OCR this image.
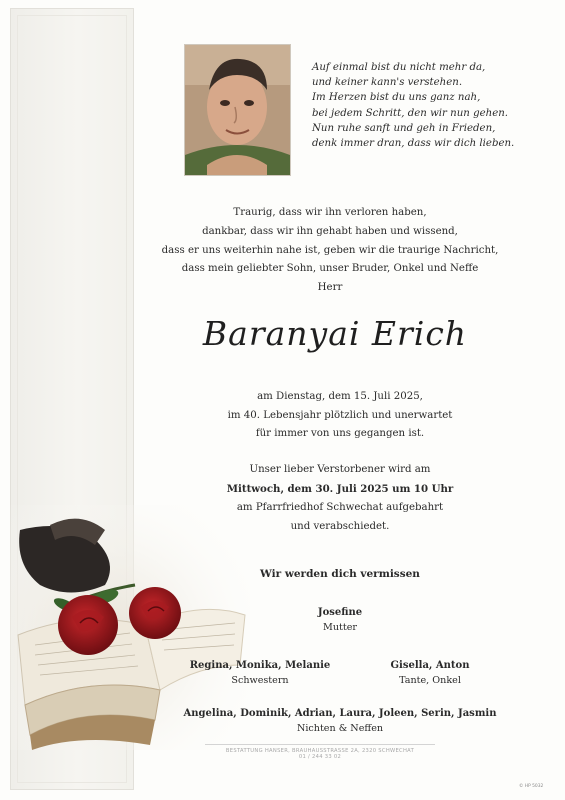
Auf einmal bist du nicht mehr da,
und keiner kann's verstehen.
Im Herzen bist du uns ganz nah,
bei jedem Schritt, den wir nun gehen.
Nun ruhe sanft und geh in Frieden,
denk immer dran, dass wir dich lieben.
Traurig, dass wir ihn verloren haben,
dankbar, dass wir ihn gehabt haben und wissend,
dass er uns weiterhin nahe ist, geben wir die traurige Nachricht,
dass mein geliebter Sohn, unser Bruder, Onkel und Neffe
Herr
Baranyai Erich
am Dienstag, dem 15. Juli 2025,
im 40. Lebensjahr plötzlich und unerwartet
für immer von uns gegangen ist.
Unser lieber Verstorbener wird am
Mittwoch, dem 30. Juli 2025 um 10 Uhr
am Pfarrfriedhof Schwechat aufgebahrt
und verabschiedet.
Wir werden dich vermissen
Josefine
Mutter
Regina, Monika, Melanie
Schwestern
Gisella, Anton
Tante, Onkel
Angelina, Dominik, Adrian, Laura, Joleen, Serin, Jasmin
Nichten & Neffen
BESTATTUNG HANSER, BRAUHAUSSTRASSE 2A, 2320 SCHWECHAT
01 / 244 33 02
© HP 5032
